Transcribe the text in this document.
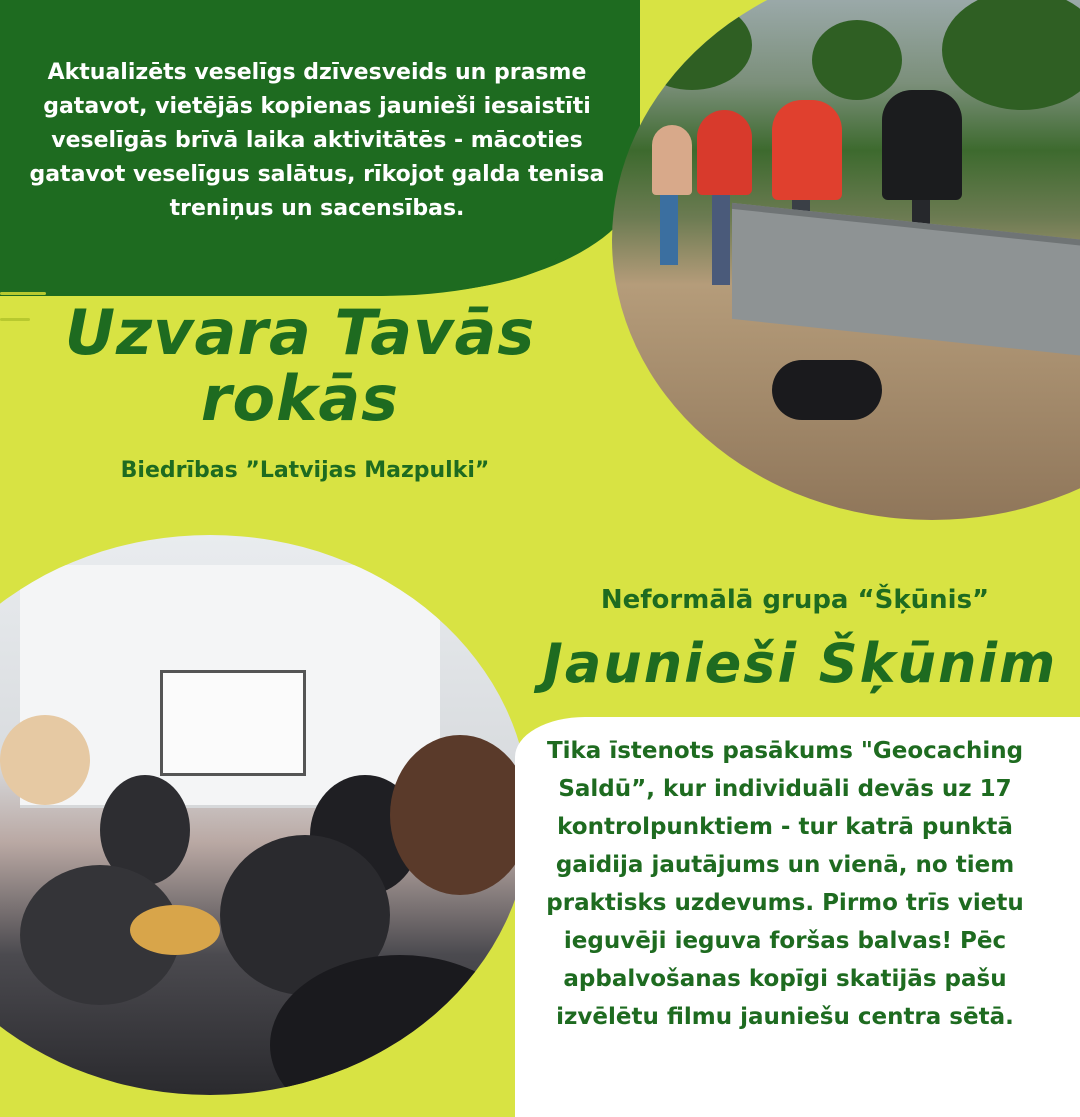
Aktualizēts veselīgs dzīvesveids un prasme gatavot, vietējās kopienas jaunieši iesaistīti veselīgās brīvā laika aktivitātēs - mācoties gatavot veselīgus salātus, rīkojot galda tenisa treniņus un sacensības.
Uzvara Tavās rokās
Biedrības ”Latvijas Mazpulki”
Neformālā grupa “Šķūnis”
Jaunieši Šķūnim
Tika īstenots pasākums "Geocaching Saldū”, kur individuāli devās uz 17 kontrolpunktiem - tur katrā punktā gaidija jautājums un vienā, no tiem praktisks uzdevums. Pirmo trīs vietu ieguvēji ieguva foršas balvas! Pēc apbalvošanas kopīgi skatijās pašu izvēlētu filmu jauniešu centra sētā.
